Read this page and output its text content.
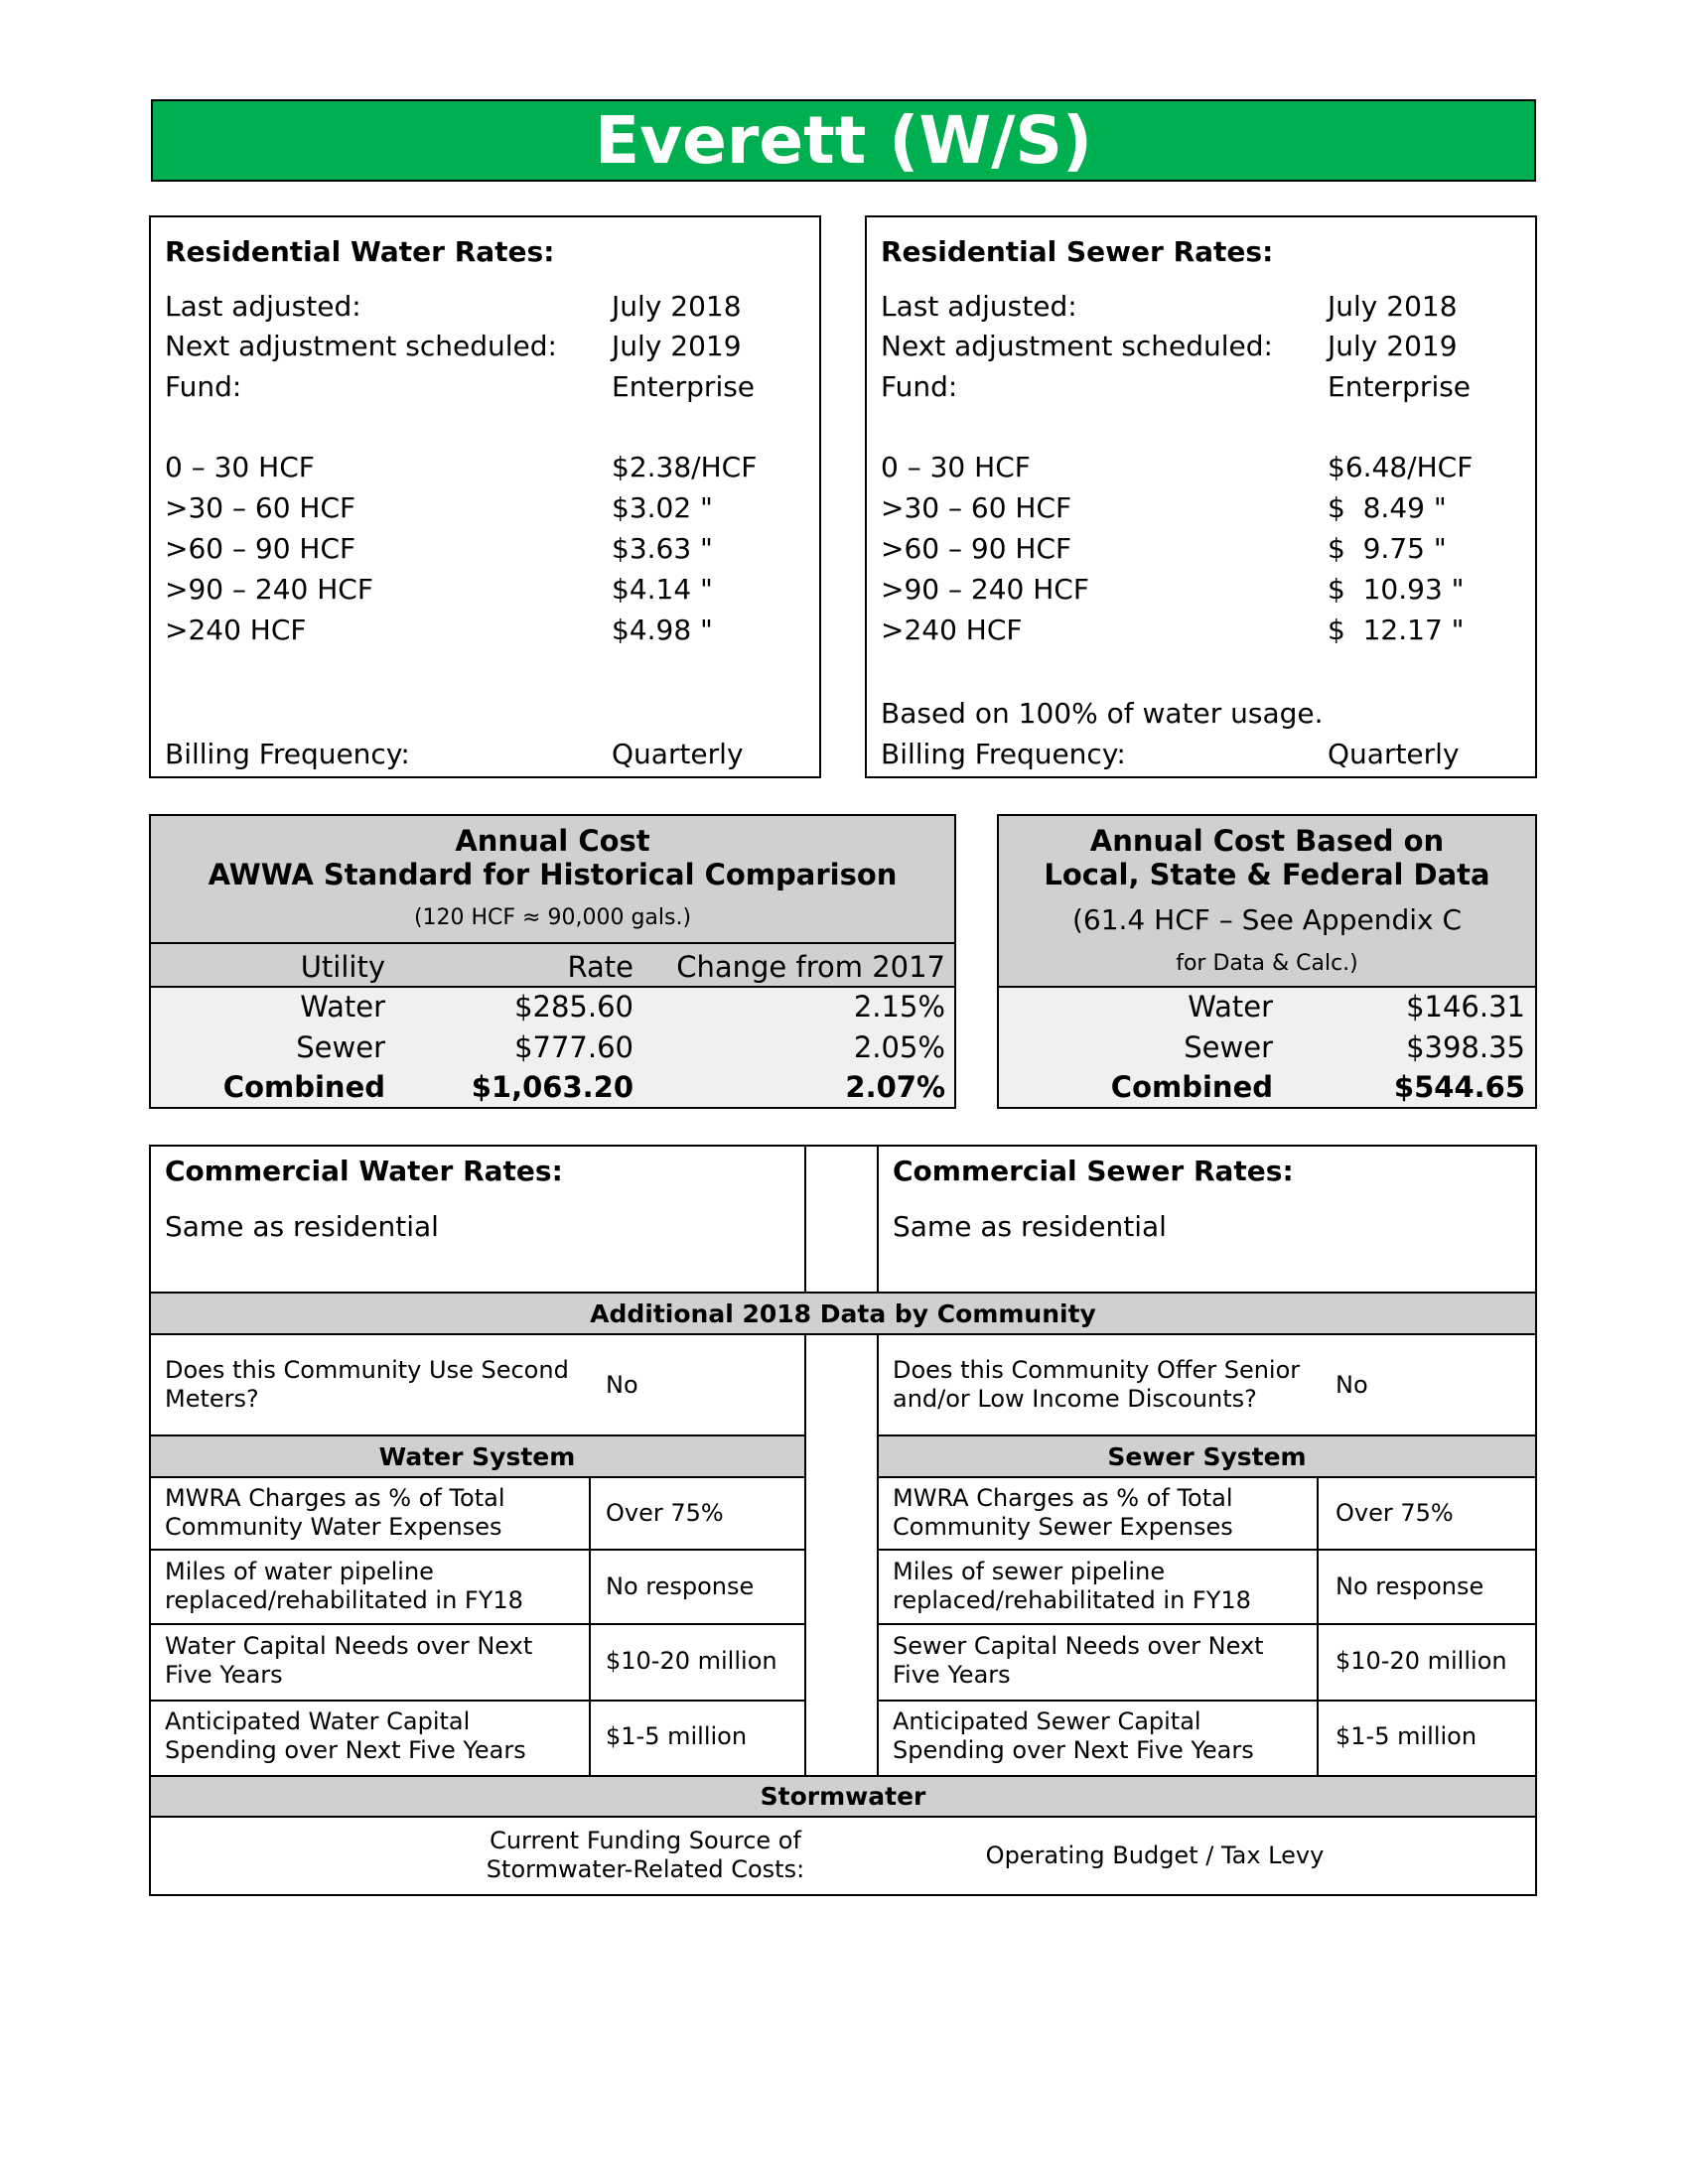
Everett (W/S)
Residential Water Rates:
Last adjusted:	July 2018
Next adjustment scheduled: July 2019
Fund:	Enterprise
0 – 30 HCF	$2.38/HCF
>30 – 60 HCF	$3.02 "
>60 – 90 HCF	$3.63 "
>90 – 240 HCF	$4.14 "
>240 HCF	$4.98 "
Billing Frequency:	Quarterly
Residential Sewer Rates:
Last adjusted:	July 2018
Next adjustment scheduled: July 2019
Fund:	Enterprise
0 – 30 HCF	$6.48/HCF
>30 – 60 HCF	$  8.49 "
>60 – 90 HCF	$  9.75 "
>90 – 240 HCF	$  10.93 "
>240 HCF	$  12.17 "
Based on 100% of water usage.
Billing Frequency:	Quarterly
Annual Cost
AWWA Standard for Historical Comparison
(120 HCF ≈ 90,000 gals.)
Utility	Rate	Change from 2017
Water	$285.60	2.15%
Sewer	$777.60	2.05%
Combined	$1,063.20	2.07%
Annual Cost Based on
Local, State & Federal Data
(61.4 HCF – See Appendix C
for Data & Calc.)
Water	$146.31
Sewer	$398.35
Combined	$544.65
Commercial Water Rates:
Same as residential
Commercial Sewer Rates:
Same as residential
Additional 2018 Data by Community
Does this Community Use Second Meters?	No
Does this Community Offer Senior and/or Low Income Discounts?	No
Water System	Sewer System
MWRA Charges as % of Total Community Water Expenses	Over 75%
Miles of water pipeline replaced/rehabilitated in FY18	No response
Water Capital Needs over Next Five Years	$10-20 million
Anticipated Water Capital Spending over Next Five Years	$1-5 million
MWRA Charges as % of Total Community Sewer Expenses	Over 75%
Miles of sewer pipeline replaced/rehabilitated in FY18	No response
Sewer Capital Needs over Next Five Years	$10-20 million
Anticipated Sewer Capital Spending over Next Five Years	$1-5 million
Stormwater
Current Funding Source of Stormwater-Related Costs:	Operating Budget / Tax Levy
